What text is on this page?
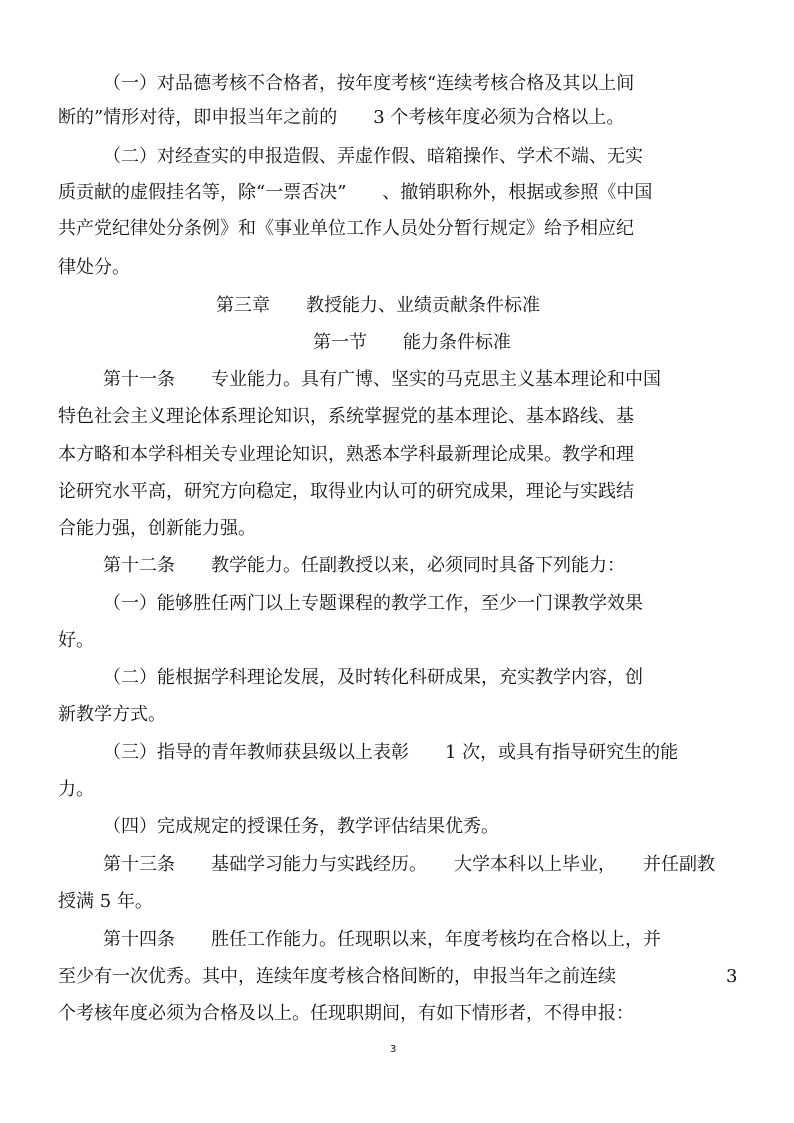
（一）对品德考核不合格者，按年度考核“连续考核合格及其以上间
断的”情形对待，即申报当年之前的　　3 个考核年度必须为合格以上。
（二）对经查实的申报造假、弄虚作假、暗箱操作、学术不端、无实
质贡献的虚假挂名等，除“一票否决”　　、撤销职称外，根据或参照《中国
共产党纪律处分条例》和《事业单位工作人员处分暂行规定》给予相应纪
律处分。
第三章　　教授能力、业绩贡献条件标准
第一节　　能力条件标准
第十一条　　专业能力。具有广博、坚实的马克思主义基本理论和中国
特色社会主义理论体系理论知识，系统掌握党的基本理论、基本路线、基
本方略和本学科相关专业理论知识，熟悉本学科最新理论成果。教学和理
论研究水平高，研究方向稳定，取得业内认可的研究成果，理论与实践结
合能力强，创新能力强。
第十二条　　教学能力。任副教授以来，必须同时具备下列能力：
（一）能够胜任两门以上专题课程的教学工作，至少一门课教学效果
好。
（二）能根据学科理论发展，及时转化科研成果，充实教学内容，创
新教学方式。
（三）指导的青年教师获县级以上表彰　　1 次，或具有指导研究生的能
力。
（四）完成规定的授课任务，教学评估结果优秀。
第十三条　　基础学习能力与实践经历。　　大学本科以上毕业，　　并任副教
授满 5 年。
第十四条　　胜任工作能力。任现职以来，年度考核均在合格以上，并
至少有一次优秀。其中，连续年度考核合格间断的，申报当年之前连续	3
个考核年度必须为合格及以上。任现职期间，有如下情形者，不得申报：
3
